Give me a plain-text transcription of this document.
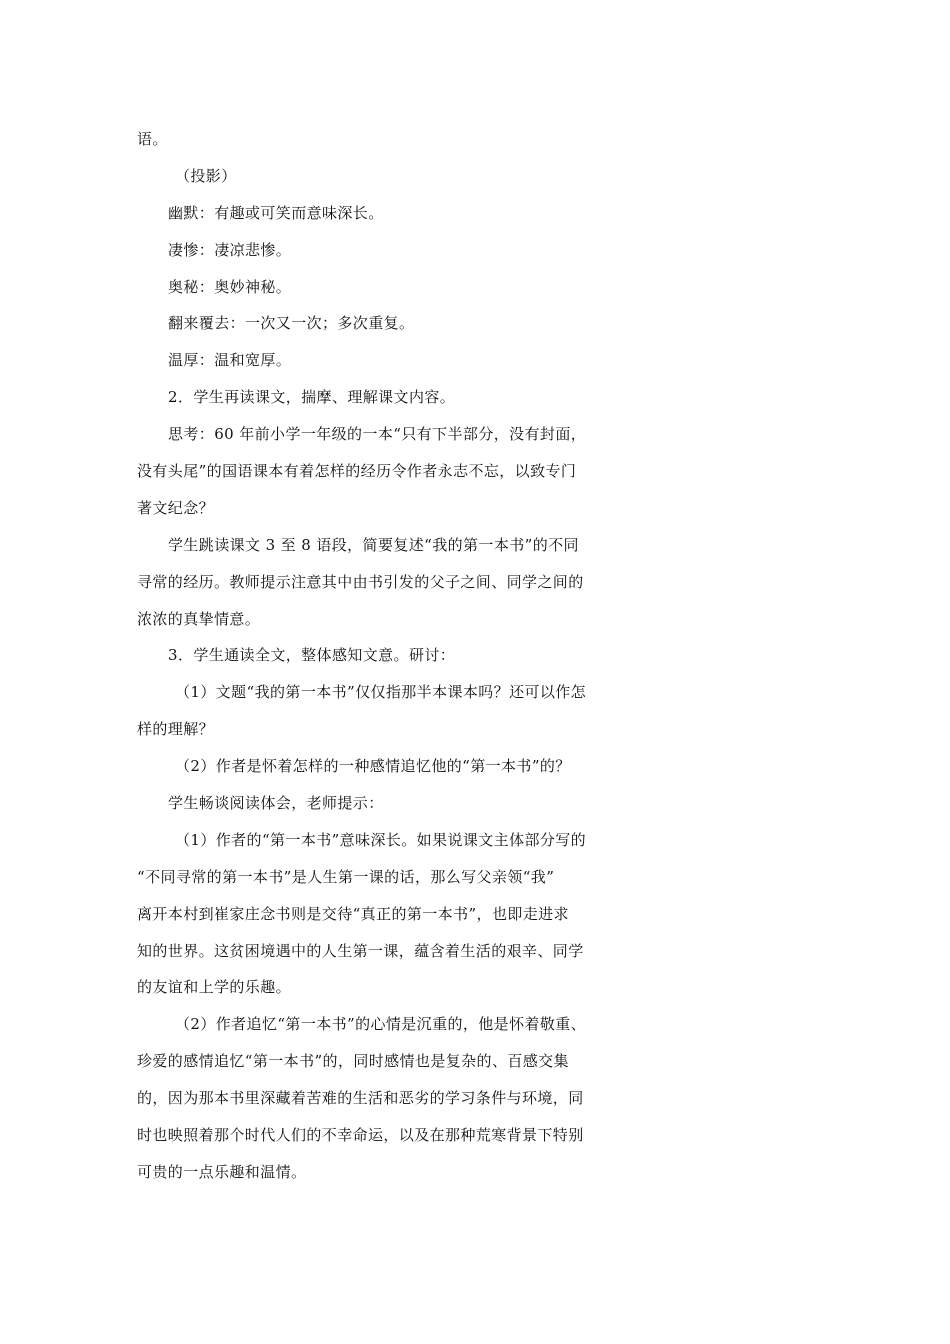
语。
（投影）
幽默：有趣或可笑而意味深长。
凄惨：凄凉悲惨。
奥秘：奥妙神秘。
翻来覆去：一次又一次；多次重复。
温厚：温和宽厚。
2．学生再读课文，揣摩、理解课文内容。
思考：60 年前小学一年级的一本“只有下半部分，没有封面，
没有头尾”的国语课本有着怎样的经历令作者永志不忘，以致专门
著文纪念？
学生跳读课文 3 至 8 语段，简要复述“我的第一本书”的不同
寻常的经历。教师提示注意其中由书引发的父子之间、同学之间的
浓浓的真挚情意。
3．学生通读全文，整体感知文意。研讨：
（1）文题“我的第一本书”仅仅指那半本课本吗？还可以作怎
样的理解？
（2）作者是怀着怎样的一种感情追忆他的“第一本书”的？
学生畅谈阅读体会，老师提示：
（1）作者的“第一本书”意味深长。如果说课文主体部分写的
“不同寻常的第一本书”是人生第一课的话，那么写父亲领“我”
离开本村到崔家庄念书则是交待“真正的第一本书”，也即走进求
知的世界。这贫困境遇中的人生第一课，蕴含着生活的艰辛、同学
的友谊和上学的乐趣。
（2）作者追忆“第一本书”的心情是沉重的，他是怀着敬重、
珍爱的感情追忆“第一本书”的，同时感情也是复杂的、百感交集
的，因为那本书里深藏着苦难的生活和恶劣的学习条件与环境，同
时也映照着那个时代人们的不幸命运，以及在那种荒寒背景下特别
可贵的一点乐趣和温情。
